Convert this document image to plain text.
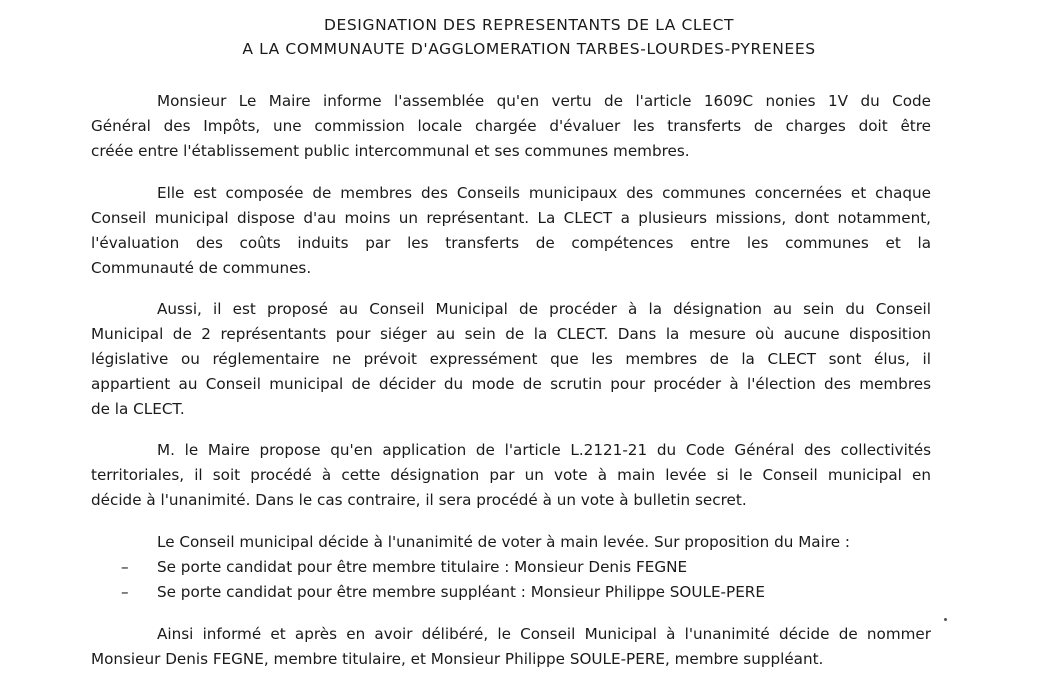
DESIGNATION DES REPRESENTANTS DE LA CLECT
A LA COMMUNAUTE D'AGGLOMERATION TARBES-LOURDES-PYRENEES
Monsieur Le Maire informe l'assemblée qu'en vertu de l'article 1609C nonies 1V du Code
Général des Impôts, une commission locale chargée d'évaluer les transferts de charges doit être
créée entre l'établissement public intercommunal et ses communes membres.
Elle est composée de membres des Conseils municipaux des communes concernées et chaque
Conseil municipal dispose d'au moins un représentant. La CLECT a plusieurs missions, dont notamment,
l'évaluation des coûts induits par les transferts de compétences entre les communes et la
Communauté de communes.
Aussi, il est proposé au Conseil Municipal de procéder à la désignation au sein du Conseil
Municipal de 2 représentants pour siéger au sein de la CLECT. Dans la mesure où aucune disposition
législative ou réglementaire ne prévoit expressément que les membres de la CLECT sont élus, il
appartient au Conseil municipal de décider du mode de scrutin pour procéder à l'élection des membres
de la CLECT.
M. le Maire propose qu'en application de l'article L.2121-21 du Code Général des collectivités
territoriales, il soit procédé à cette désignation par un vote à main levée si le Conseil municipal en
décide à l'unanimité. Dans le cas contraire, il sera procédé à un vote à bulletin secret.
Le Conseil municipal décide à l'unanimité de voter à main levée. Sur proposition du Maire :
– Se porte candidat pour être membre titulaire : Monsieur Denis FEGNE
– Se porte candidat pour être membre suppléant : Monsieur Philippe SOULE-PERE
Ainsi informé et après en avoir délibéré, le Conseil Municipal à l'unanimité décide de nommer
Monsieur Denis FEGNE, membre titulaire, et Monsieur Philippe SOULE-PERE, membre suppléant.
